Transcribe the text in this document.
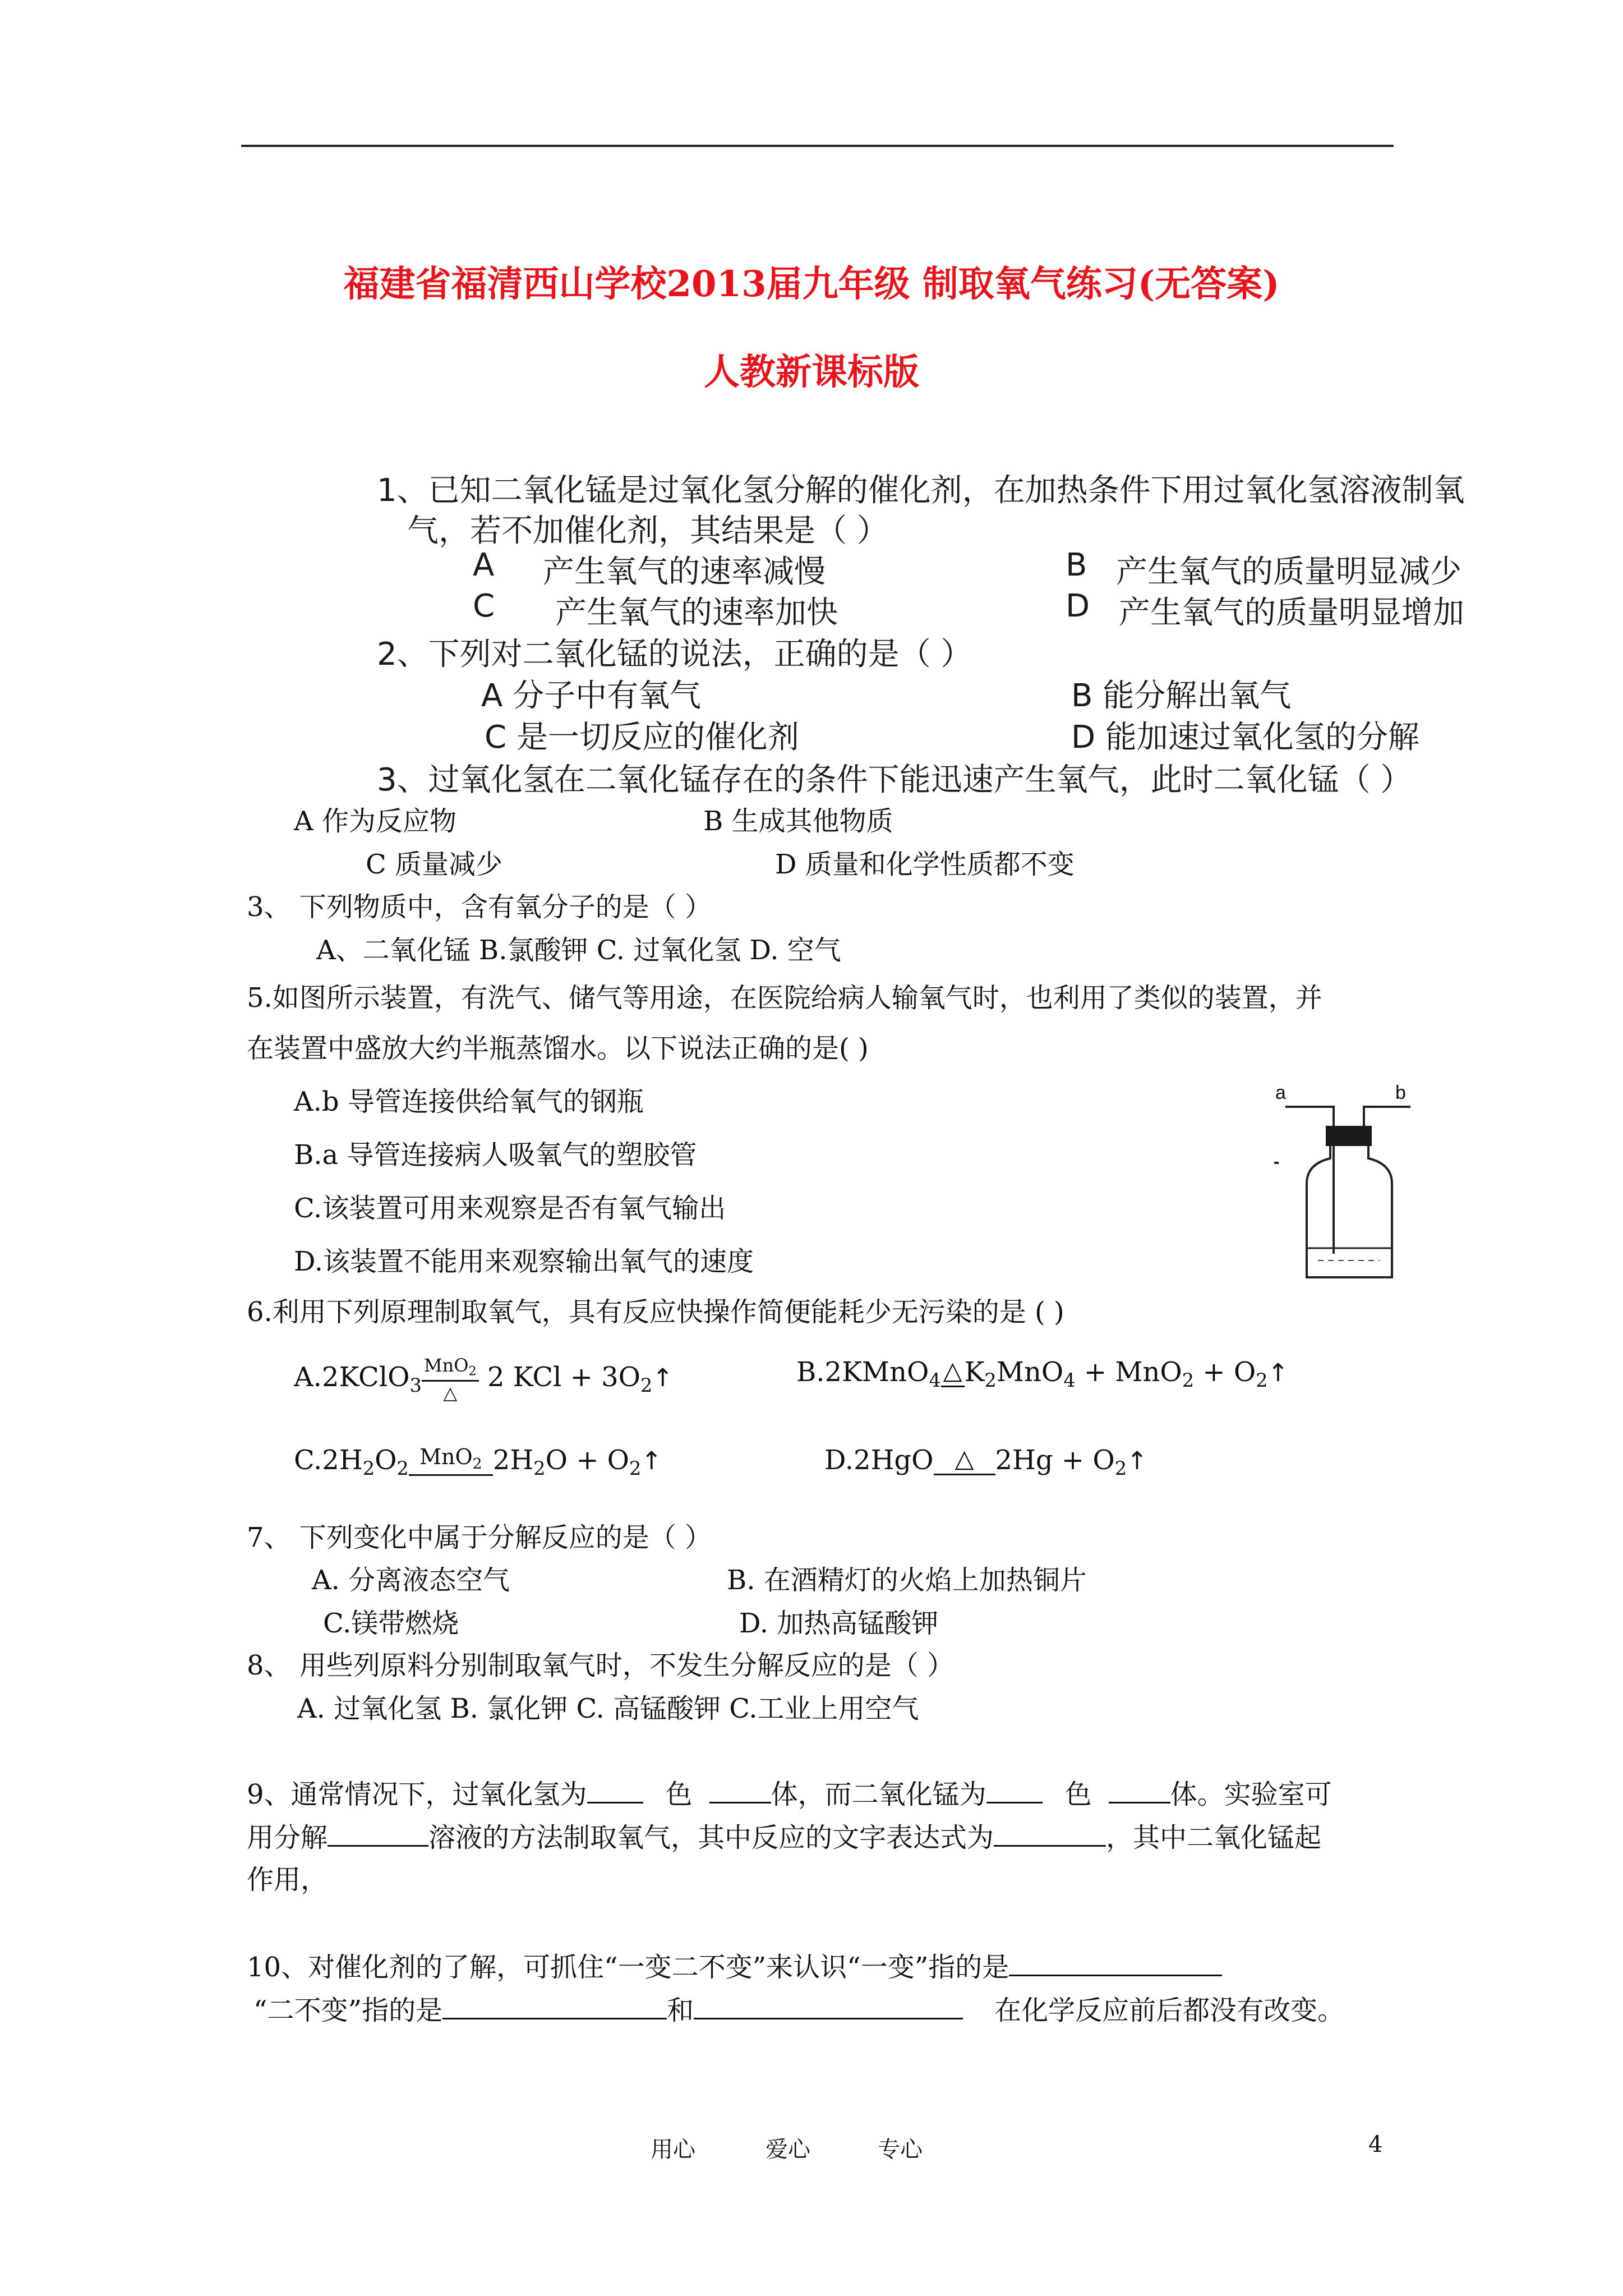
福建省福清西山学校2013届九年级 制取氧气练习(无答案)
人教新课标版
1、已知二氧化锰是过氧化氢分解的催化剂，在加热条件下用过氧化氢溶液制氧
气，若不加催化剂，其结果是（ ）
A 产生氧气的速率减慢	B 产生氧气的质量明显减少
C 产生氧气的速率加快	D 产生氧气的质量明显增加
2、下列对二氧化锰的说法，正确的是（ ）
A 分子中有氧气	B 能分解出氧气
C 是一切反应的催化剂	D 能加速过氧化氢的分解
3、过氧化氢在二氧化锰存在的条件下能迅速产生氧气，此时二氧化锰（ ）
A 作为反应物	B 生成其他物质
C 质量减少	D 质量和化学性质都不变
3、 下列物质中，含有氧分子的是（ ）
A、二氧化锰 B.氯酸钾 C. 过氧化氢 D. 空气
5.如图所示装置，有洗气、储气等用途，在医院给病人输氧气时，也利用了类似的装置，并
在装置中盛放大约半瓶蒸馏水。以下说法正确的是( )
A.b 导管连接供给氧气的钢瓶
B.a 导管连接病人吸氧气的塑胶管
C.该装置可用来观察是否有氧气输出
D.该装置不能用来观察输出氧气的速度
a	b
6.利用下列原理制取氧气，具有反应快操作简便能耗少无污染的是 ( )
A.2KClO$_3$ $\frac{MnO_2}{\triangle} 2$ KCl + $3O_2↑$	B.2KMnO$_4$ △ $K_2MnO_4 + MnO_2$ + $O_2↑$
$C.2H_2O_2$ MnO$_2$ $2H_2O$ + $O_2↑$	D.2HgO △ $2Hg + O_2↑$
7、 下列变化中属于分解反应的是（ ）
A. 分离液态空气	B. 在酒精灯的火焰上加热铜片
C.镁带燃烧	D. 加热高锰酸钾
8、 用些列原料分别制取氧气时，不发生分解反应的是（ ）
A. 过氧化氢 B. 氯化钾 C. 高锰酸钾 C.工业上用空气
9、通常情况下，过氧化氢为	色	体，而二氧化锰为	色	体。实验室可
用分解	溶液的方法制取氧气，其中反应的文字表达式为	，其中二氧化锰起
作用，
10、对催化剂的了解，可抓住“一变二不变”来认识“一变”指的是
“二不变”指的是	和	在化学反应前后都没有改变。
用心	爱心	专心	4
